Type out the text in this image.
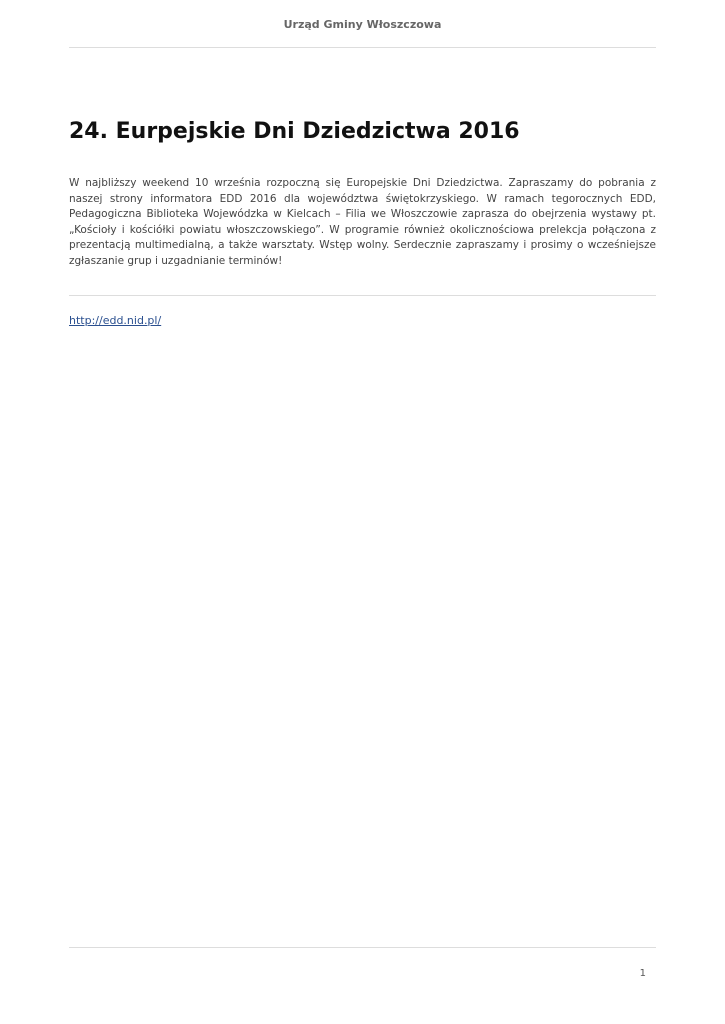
Urząd Gminy Włoszczowa
24. Eurpejskie Dni Dziedzictwa 2016

W najbliższy weekend 10 września rozpoczną się Europejskie Dni Dziedzictwa. Zapraszamy do pobrania z naszej strony informatora EDD 2016 dla województwa świętokrzyskiego. W ramach tegorocznych EDD, Pedagogiczna Biblioteka Wojewódzka w Kielcach – Filia we Włoszczowie zaprasza do obejrzenia wystawy pt. „Kościoły i kościółki powiatu włoszczowskiego”. W programie również okolicznościowa prelekcja połączona z prezentacją multimedialną, a także warsztaty. Wstęp wolny. Serdecznie zapraszamy i prosimy o wcześniejsze zgłaszanie grup i uzgadnianie terminów!

http://edd.nid.pl/
1
